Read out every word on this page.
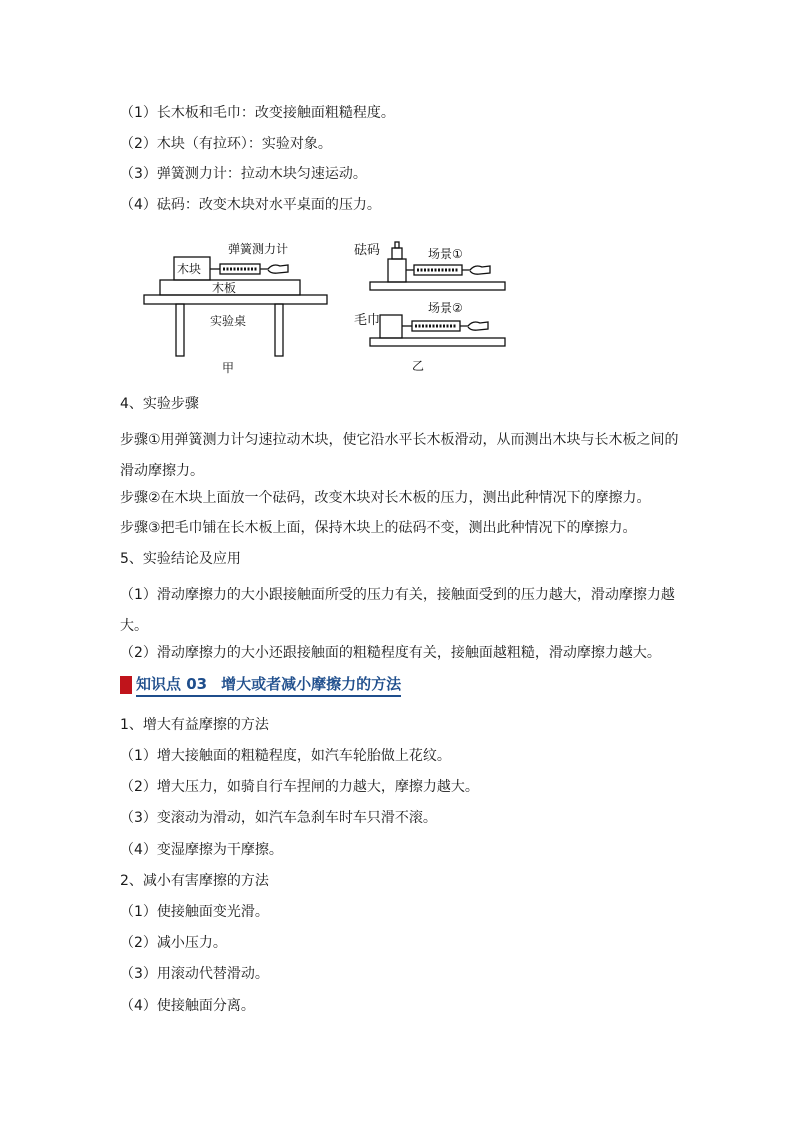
（1）长木板和毛巾：改变接触面粗糙程度。
（2）木块（有拉环）：实验对象。
（3）弹簧测力计：拉动木块匀速运动。
（4）砝码：改变木块对水平桌面的压力。
弹簧测力计
木块
木板
实验桌
甲
砝码	场景①
毛巾
场景②
乙
4、实验步骤
步骤①用弹簧测力计匀速拉动木块，使它沿水平长木板滑动，从而测出木块与长木板之间的滑动摩擦力。
步骤②在木块上面放一个砝码，改变木块对长木板的压力，测出此种情况下的摩擦力。
步骤③把毛巾铺在长木板上面，保持木块上的砝码不变，测出此种情况下的摩擦力。
5、实验结论及应用
（1）滑动摩擦力的大小跟接触面所受的压力有关，接触面受到的压力越大，滑动摩擦力越大。
（2）滑动摩擦力的大小还跟接触面的粗糙程度有关，接触面越粗糙，滑动摩擦力越大。
知识点 03 增大或者减小摩擦力的方法
1、增大有益摩擦的方法
（1）增大接触面的粗糙程度，如汽车轮胎做上花纹。
（2）增大压力，如骑自行车捏闸的力越大，摩擦力越大。
（3）变滚动为滑动，如汽车急刹车时车只滑不滚。
（4）变湿摩擦为干摩擦。
2、减小有害摩擦的方法
（1）使接触面变光滑。
（2）减小压力。
（3）用滚动代替滑动。
（4）使接触面分离。
